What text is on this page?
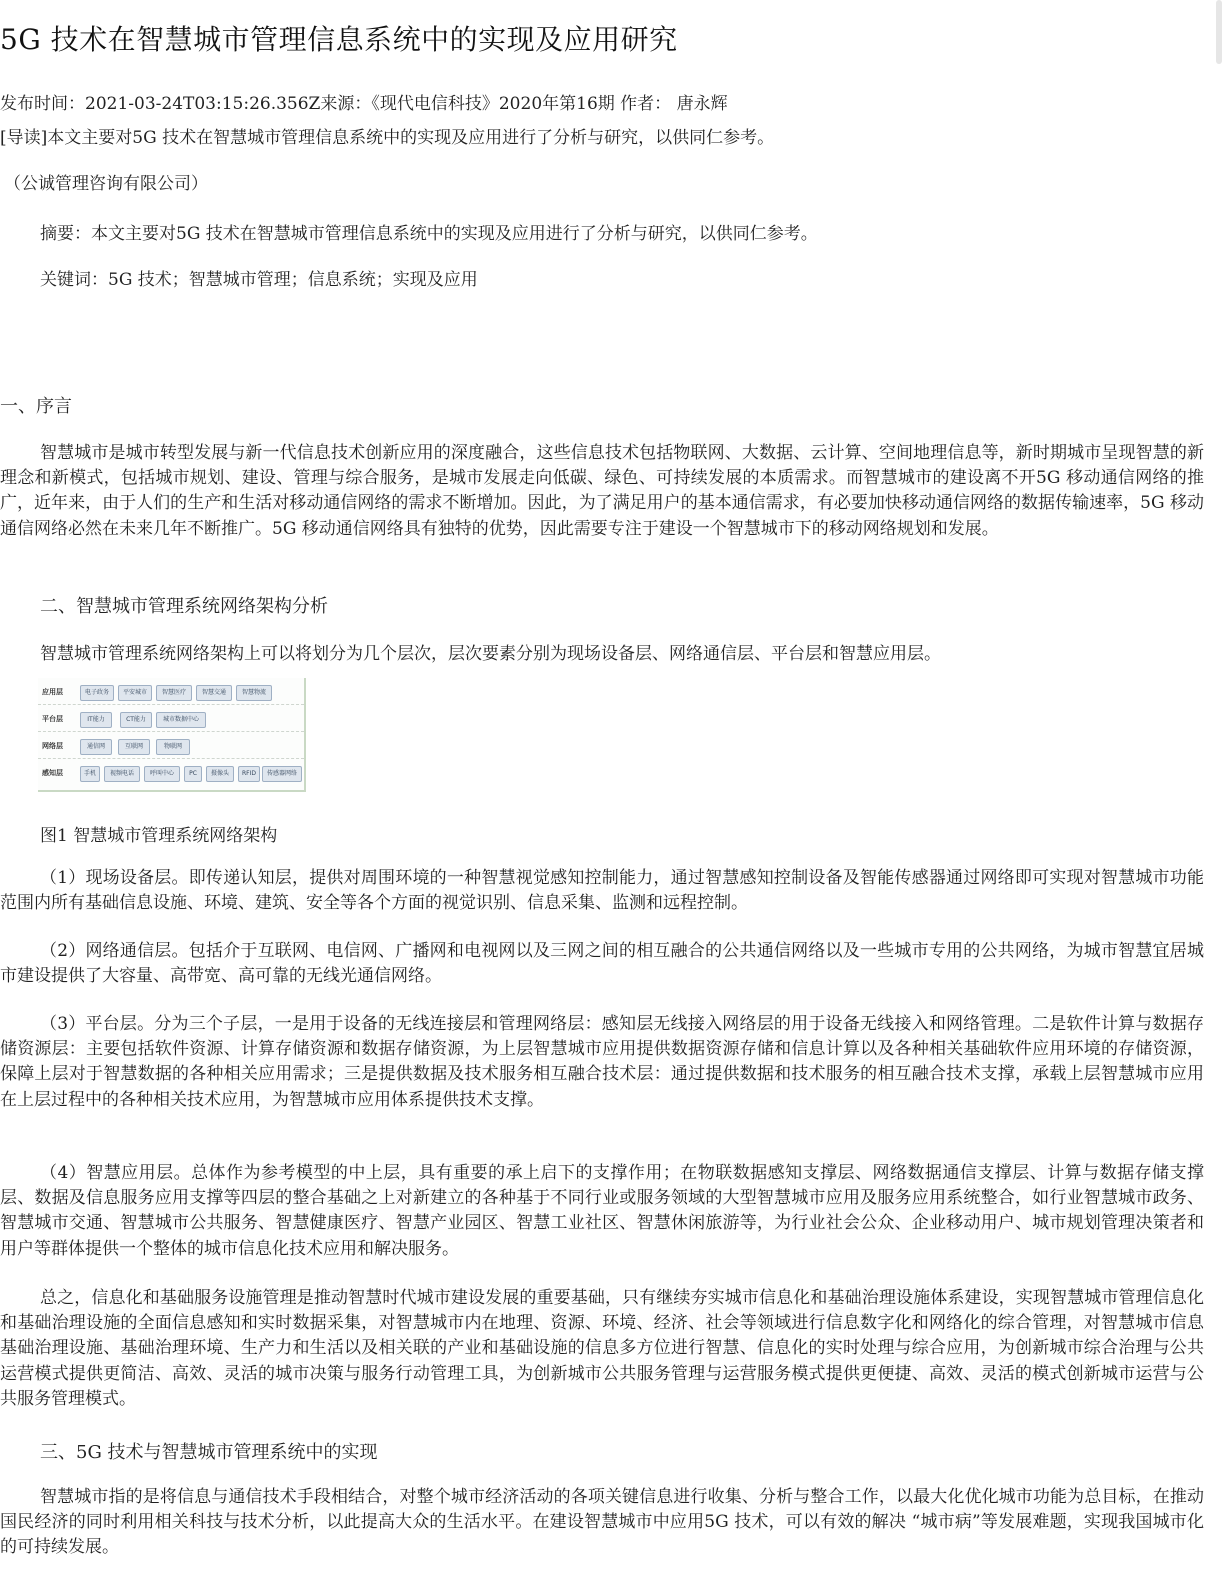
5G 技术在智慧城市管理信息系统中的实现及应用研究
发布时间：2021-03-24T03:15:26.356Z来源：《现代电信科技》2020年第16期 作者： 唐永辉
[导读]本文主要对5G 技术在智慧城市管理信息系统中的实现及应用进行了分析与研究，以供同仁参考。
（公诚管理咨询有限公司）
摘要：本文主要对5G 技术在智慧城市管理信息系统中的实现及应用进行了分析与研究，以供同仁参考。
关键词：5G 技术；智慧城市管理；信息系统；实现及应用
一、序言
智慧城市是城市转型发展与新一代信息技术创新应用的深度融合，这些信息技术包括物联网、大数据、云计算、空间地理信息等，新时期城市呈现智慧的新理念和新模式，包括城市规划、建设、管理与综合服务，是城市发展走向低碳、绿色、可持续发展的本质需求。而智慧城市的建设离不开5G 移动通信网络的推广，近年来，由于人们的生产和生活对移动通信网络的需求不断增加。因此，为了满足用户的基本通信需求，有必要加快移动通信网络的数据传输速率，5G 移动通信网络必然在未来几年不断推广。5G 移动通信网络具有独特的优势，因此需要专注于建设一个智慧城市下的移动网络规划和发展。
二、智慧城市管理系统网络架构分析
智慧城市管理系统网络架构上可以将划分为几个层次，层次要素分别为现场设备层、网络通信层、平台层和智慧应用层。
应用层	电子政务	平安城市	智慧医疗	智慧交通	智慧物流
平台层	IT能力	CT能力	城市数据中心
网络层	通信网	互联网	物联网
感知层	手机	视频电话	呼叫中心	PC	摄像头	RFID	传感器网络
图1 智慧城市管理系统网络架构
（1）现场设备层。即传递认知层，提供对周围环境的一种智慧视觉感知控制能力，通过智慧感知控制设备及智能传感器通过网络即可实现对智慧城市功能范围内所有基础信息设施、环境、建筑、安全等各个方面的视觉识别、信息采集、监测和远程控制。
（2）网络通信层。包括介于互联网、电信网、广播网和电视网以及三网之间的相互融合的公共通信网络以及一些城市专用的公共网络，为城市智慧宜居城市建设提供了大容量、高带宽、高可靠的无线光通信网络。
（3）平台层。分为三个子层，一是用于设备的无线连接层和管理网络层：感知层无线接入网络层的用于设备无线接入和网络管理。二是软件计算与数据存储资源层：主要包括软件资源、计算存储资源和数据存储资源，为上层智慧城市应用提供数据资源存储和信息计算以及各种相关基础软件应用环境的存储资源，保障上层对于智慧数据的各种相关应用需求；三是提供数据及技术服务相互融合技术层：通过提供数据和技术服务的相互融合技术支撑，承载上层智慧城市应用在上层过程中的各种相关技术应用，为智慧城市应用体系提供技术支撑。
（4）智慧应用层。总体作为参考模型的中上层，具有重要的承上启下的支撑作用；在物联数据感知支撑层、网络数据通信支撑层、计算与数据存储支撑层、数据及信息服务应用支撑等四层的整合基础之上对新建立的各种基于不同行业或服务领域的大型智慧城市应用及服务应用系统整合，如行业智慧城市政务、智慧城市交通、智慧城市公共服务、智慧健康医疗、智慧产业园区、智慧工业社区、智慧休闲旅游等，为行业社会公众、企业移动用户、城市规划管理决策者和用户等群体提供一个整体的城市信息化技术应用和解决服务。
总之，信息化和基础服务设施管理是推动智慧时代城市建设发展的重要基础，只有继续夯实城市信息化和基础治理设施体系建设，实现智慧城市管理信息化和基础治理设施的全面信息感知和实时数据采集，对智慧城市内在地理、资源、环境、经济、社会等领域进行信息数字化和网络化的综合管理，对智慧城市信息基础治理设施、基础治理环境、生产力和生活以及相关联的产业和基础设施的信息多方位进行智慧、信息化的实时处理与综合应用，为创新城市综合治理与公共运营模式提供更简洁、高效、灵活的城市决策与服务行动管理工具，为创新城市公共服务管理与运营服务模式提供更便捷、高效、灵活的模式创新城市运营与公共服务管理模式。
三、5G 技术与智慧城市管理系统中的实现
智慧城市指的是将信息与通信技术手段相结合，对整个城市经济活动的各项关键信息进行收集、分析与整合工作，以最大化优化城市功能为总目标，在推动国民经济的同时利用相关科技与技术分析，以此提高大众的生活水平。在建设智慧城市中应用5G 技术，可以有效的解决 “城市病”等发展难题，实现我国城市化的可持续发展。
